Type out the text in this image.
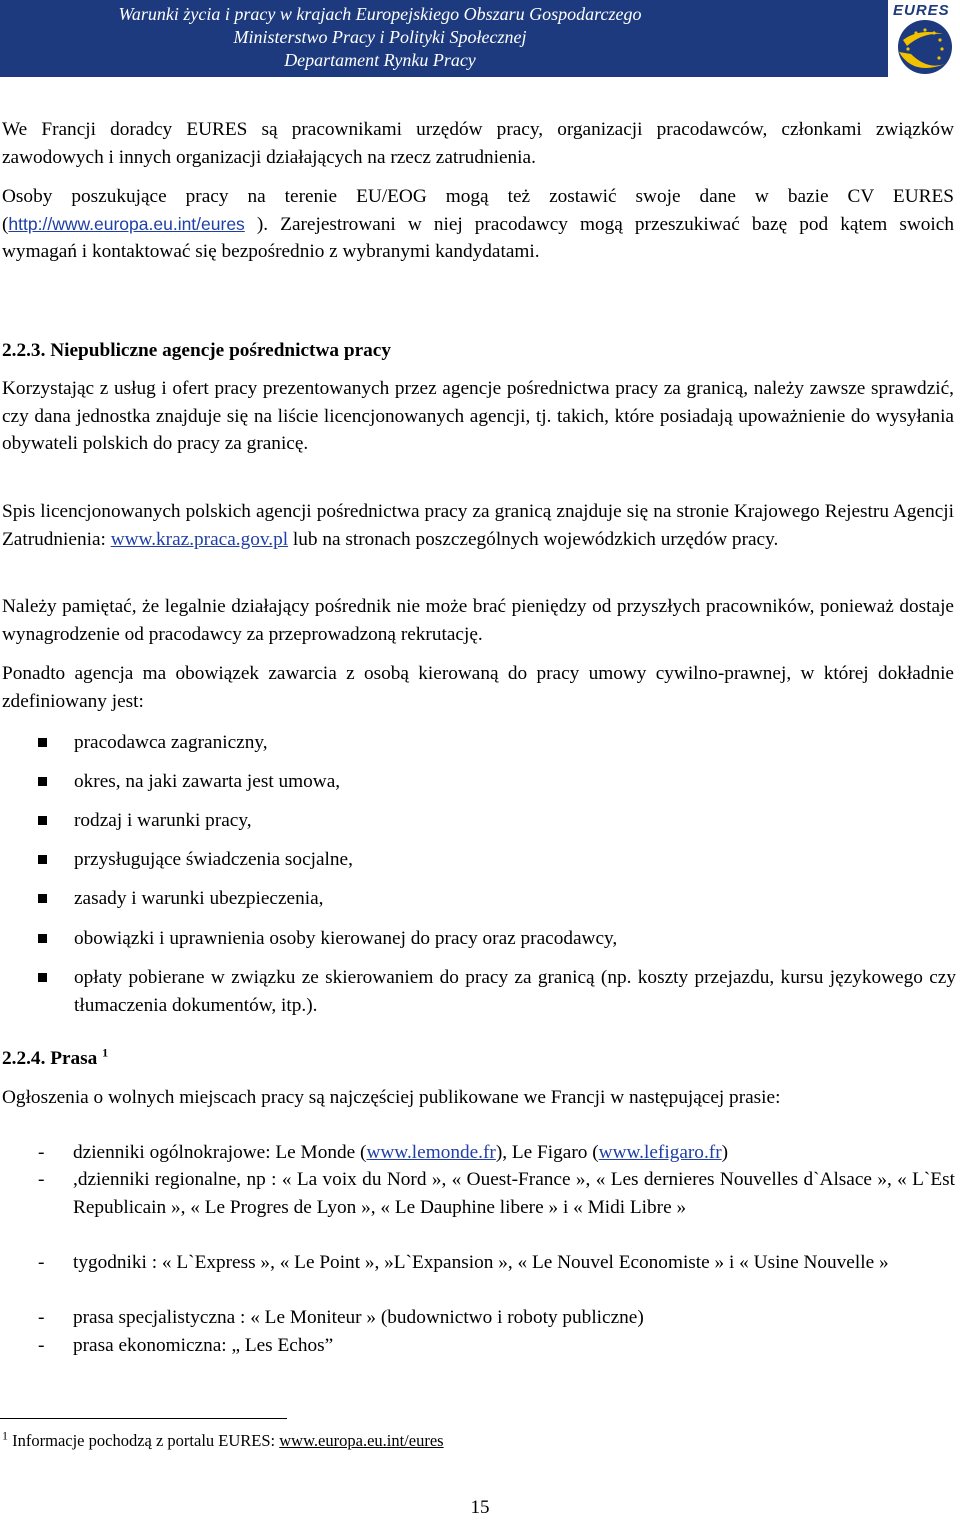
Warunki życia i pracy w krajach Europejskiego Obszaru Gospodarczego
Ministerstwo Pracy i Polityki Społecznej
Departament Rynku Pracy
EURES

We Francji doradcy EURES są pracownikami urzędów pracy, organizacji pracodawców, członkami związków zawodowych i innych organizacji działających na rzecz zatrudnienia.

Osoby poszukujące pracy na terenie EU/EOG mogą też zostawić swoje dane w bazie CV EURES (http://www.europa.eu.int/eures ). Zarejestrowani w niej pracodawcy mogą przeszukiwać bazę pod kątem swoich wymagań i kontaktować się bezpośrednio z wybranymi kandydatami.

2.2.3. Niepubliczne agencje pośrednictwa pracy

Korzystając z usług i ofert pracy prezentowanych przez agencje pośrednictwa pracy za granicą, należy zawsze sprawdzić, czy dana jednostka znajduje się na liście licencjonowanych agencji, tj. takich, które posiadają upoważnienie do wysyłania obywateli polskich do pracy za granicę.

Spis licencjonowanych polskich agencji pośrednictwa pracy za granicą znajduje się na stronie Krajowego Rejestru Agencji Zatrudnienia: www.kraz.praca.gov.pl lub na stronach poszczególnych wojewódzkich urzędów pracy.

Należy pamiętać, że legalnie działający pośrednik nie może brać pieniędzy od przyszłych pracowników, ponieważ dostaje wynagrodzenie od pracodawcy za przeprowadzoną rekrutację.

Ponadto agencja ma obowiązek zawarcia z osobą kierowaną do pracy umowy cywilno-prawnej, w której dokładnie zdefiniowany jest:

pracodawca zagraniczny,
okres, na jaki zawarta jest umowa,
rodzaj i warunki pracy,
przysługujące świadczenia socjalne,
zasady i warunki ubezpieczenia,
obowiązki i uprawnienia osoby kierowanej do pracy oraz pracodawcy,
opłaty pobierane w związku ze skierowaniem do pracy za granicą (np. koszty przejazdu, kursu językowego czy tłumaczenia dokumentów, itp.).
2.2.4. Prasa $^1$

Ogłoszenia o wolnych miejscach pracy są najczęściej publikowane we Francji w następującej prasie:

- dzienniki ogólnokrajowe: Le Monde (www.lemonde.fr), Le Figaro (www.lefigaro.fr)
- ,dzienniki regionalne, np : « La voix du Nord », « Ouest-France », « Les dernieres Nouvelles d`Alsace », « L`Est Republicain », « Le Progres de Lyon », « Le Dauphine libere » i « Midi Libre »
- tygodniki : « L`Express », « Le Point », »L`Expansion », « Le Nouvel Economiste » i « Usine Nouvelle »
- prasa specjalistyczna : « Le Moniteur » (budownictwo i roboty publiczne)
- prasa ekonomiczna: „ Les Echos”
$^1$ Informacje pochodzą z portalu EURES: www.europa.eu.int/eures
15
